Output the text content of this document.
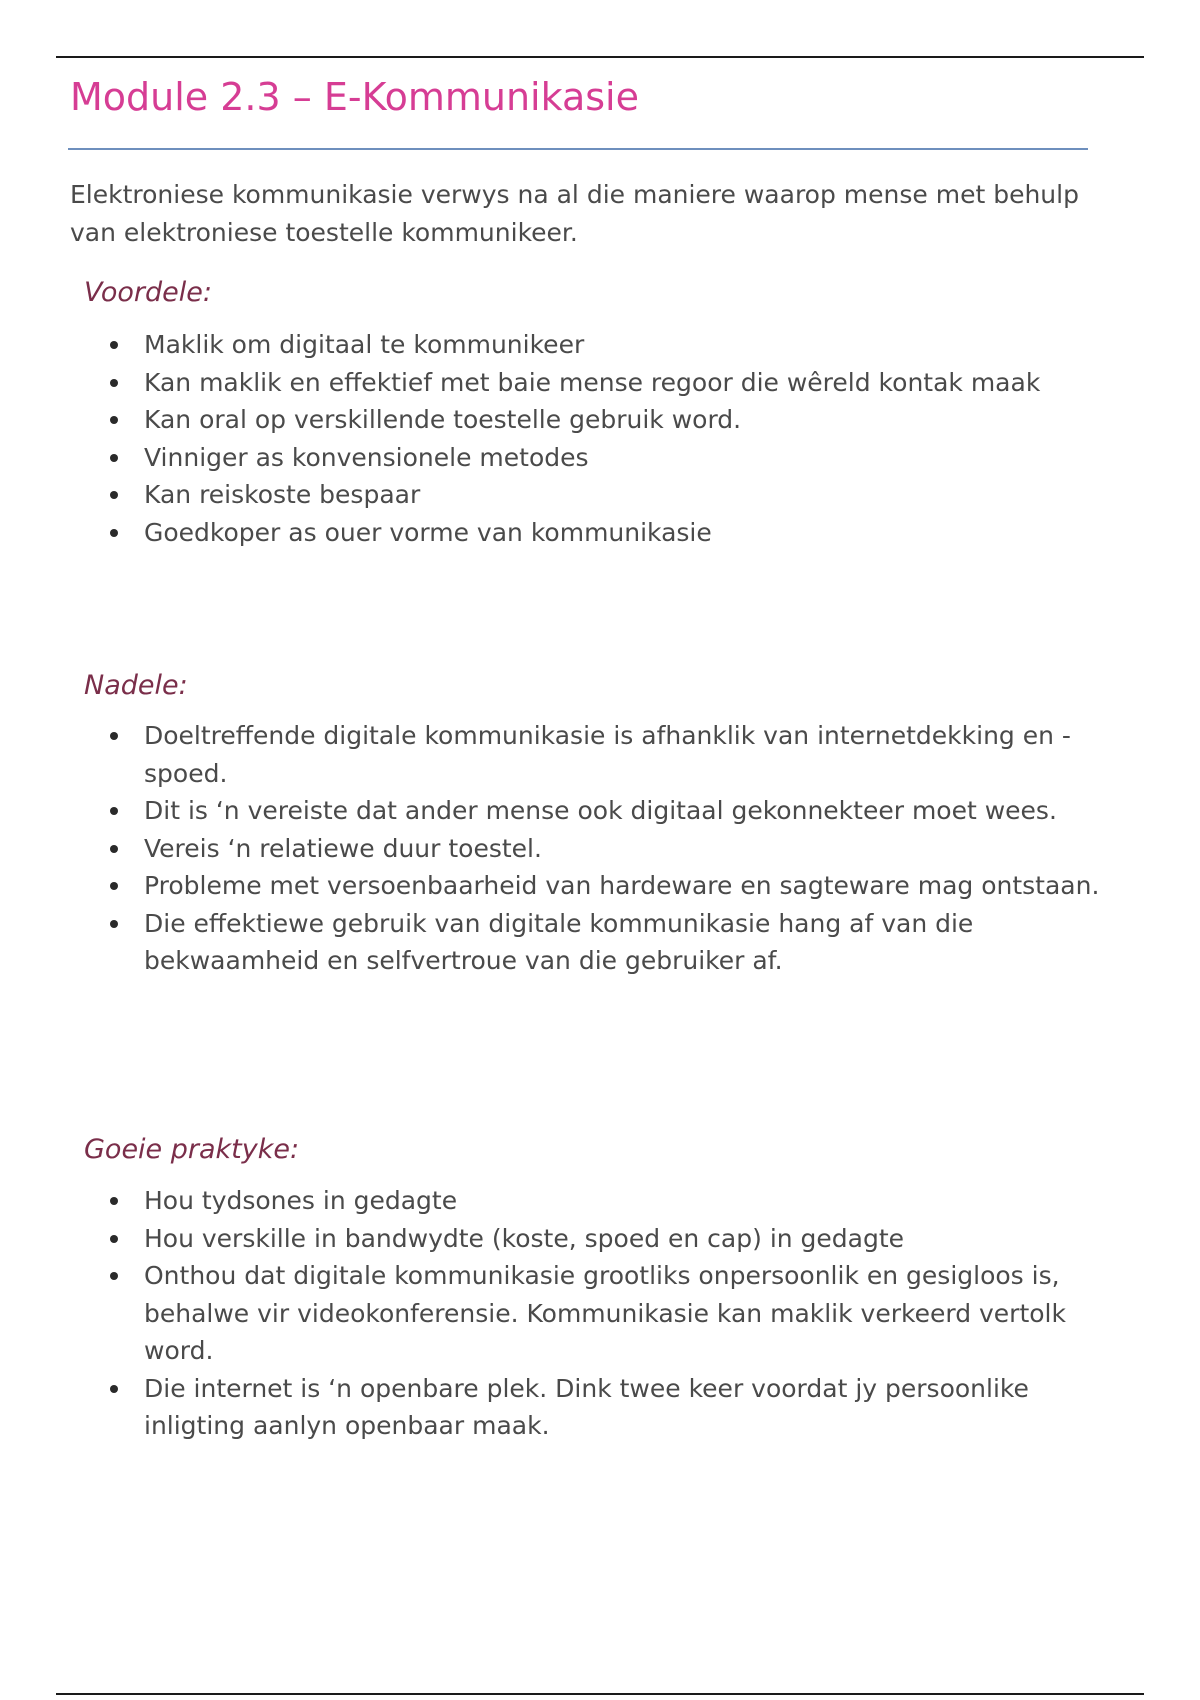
Module 2.3 – E-Kommunikasie

Elektroniese kommunikasie verwys na al die maniere waarop mense met behulp van elektroniese toestelle kommunikeer.

Voordele:
Maklik om digitaal te kommunikeer
Kan maklik en effektief met baie mense regoor die wêreld kontak maak
Kan oral op verskillende toestelle gebruik word.
Vinniger as konvensionele metodes
Kan reiskoste bespaar
Goedkoper as ouer vorme van kommunikasie
Nadele:
Doeltreffende digitale kommunikasie is afhanklik van internetdekking en -spoed.
Dit is ‘n vereiste dat ander mense ook digitaal gekonnekteer moet wees.
Vereis ‘n relatiewe duur toestel.
Probleme met versoenbaarheid van hardeware en sagteware mag ontstaan.
Die effektiewe gebruik van digitale kommunikasie hang af van die bekwaamheid en selfvertroue van die gebruiker af.
Goeie praktyke:
Hou tydsones in gedagte
Hou verskille in bandwydte (koste, spoed en cap) in gedagte
Onthou dat digitale kommunikasie grootliks onpersoonlik en gesigloos is, behalwe vir videokonferensie. Kommunikasie kan maklik verkeerd vertolk word.
Die internet is ‘n openbare plek. Dink twee keer voordat jy persoonlike inligting aanlyn openbaar maak.
